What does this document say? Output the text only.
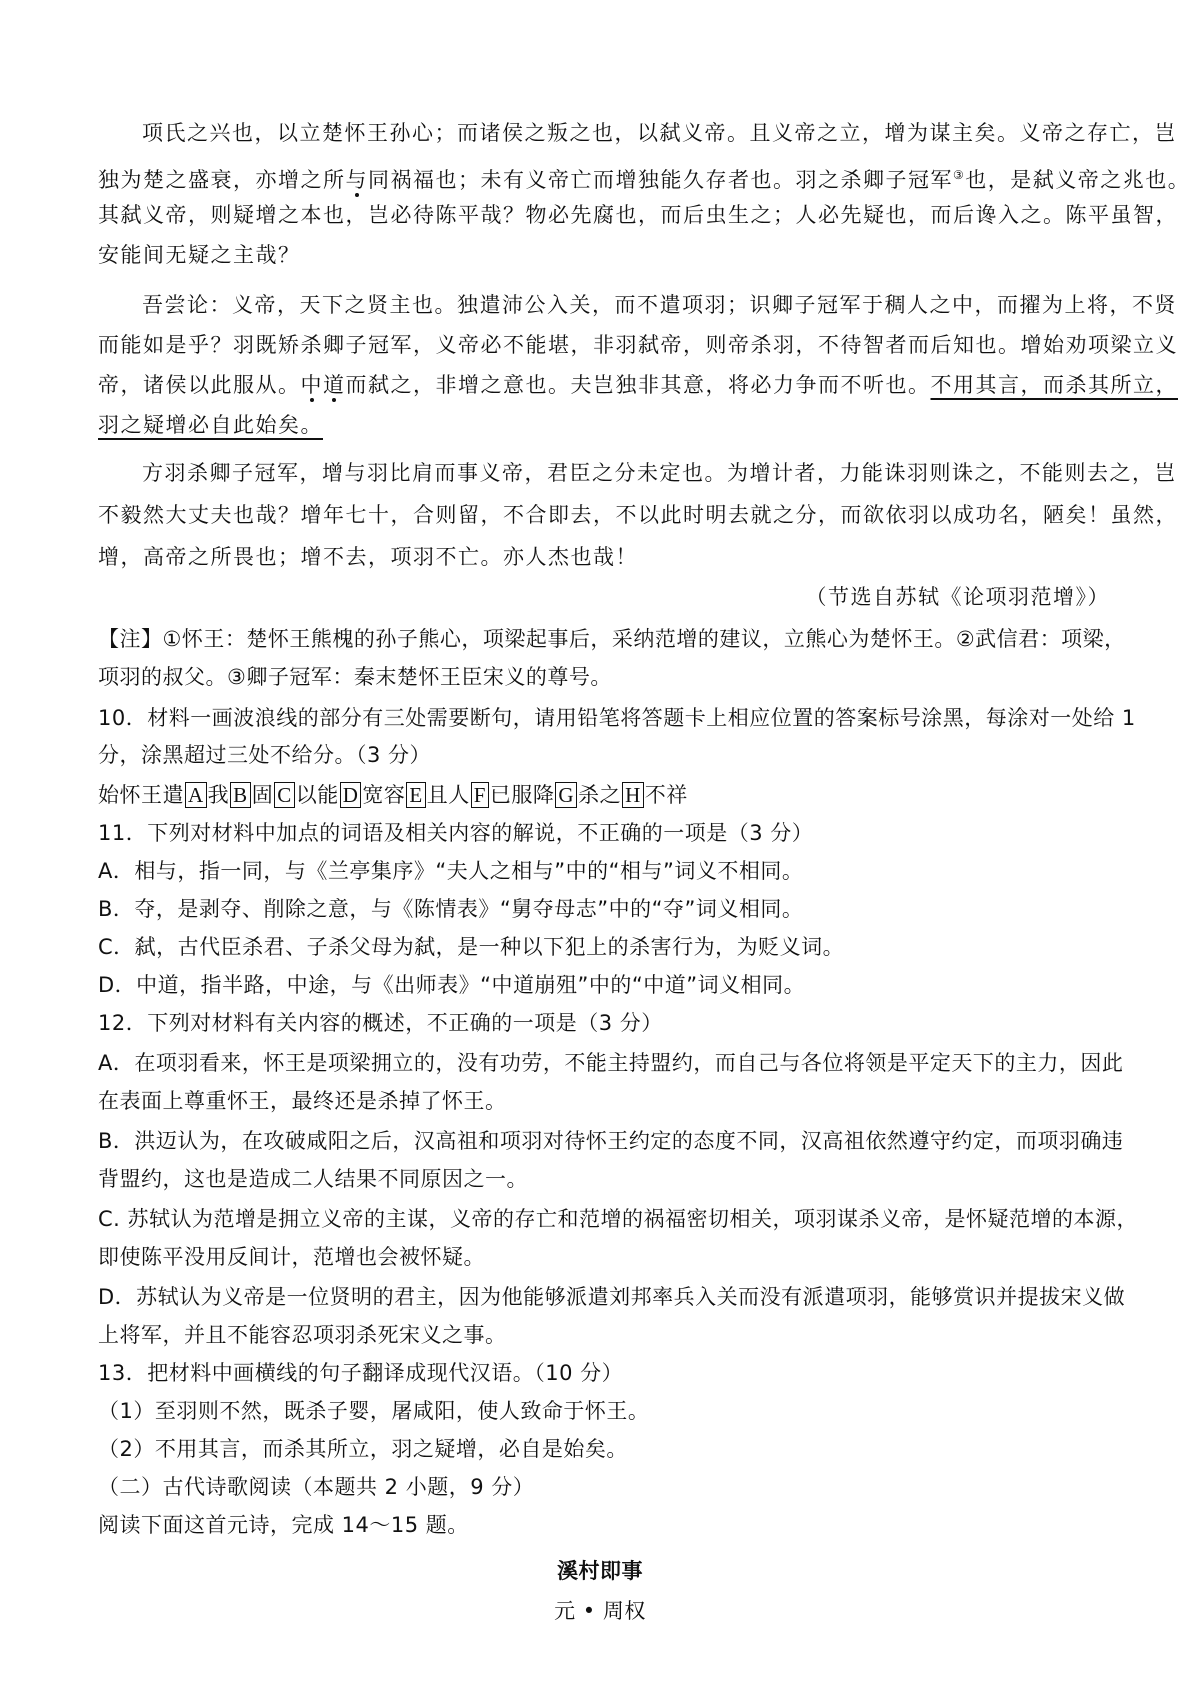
项氏之兴也，以立楚怀王孙心；而诸侯之叛之也，以弑义帝。且义帝之立，增为谋主矣。义帝之存亡，岂
独为楚之盛衰，亦增之所与同祸福也；未有义帝亡而增独能久存者也。羽之杀卿子冠军③也，是弑义帝之兆也。
其弑义帝，则疑增之本也，岂必待陈平哉？物必先腐也，而后虫生之；人必先疑也，而后谗入之。陈平虽智，
安能间无疑之主哉？
吾尝论：义帝，天下之贤主也。独遣沛公入关，而不遣项羽；识卿子冠军于稠人之中，而擢为上将，不贤
而能如是乎？羽既矫杀卿子冠军，义帝必不能堪，非羽弑帝，则帝杀羽，不待智者而后知也。增始劝项梁立义
帝，诸侯以此服从。中道而弑之，非增之意也。夫岂独非其意，将必力争而不听也。不用其言，而杀其所立，
羽之疑增必自此始矣。
方羽杀卿子冠军，增与羽比肩而事义帝，君臣之分未定也。为增计者，力能诛羽则诛之，不能则去之，岂
不毅然大丈夫也哉？增年七十，合则留，不合即去，不以此时明去就之分，而欲依羽以成功名，陋矣！虽然，
增，高帝之所畏也；增不去，项羽不亡。亦人杰也哉！
（节选自苏轼《论项羽范增》）
【注】①怀王：楚怀王熊槐的孙子熊心，项梁起事后，采纳范增的建议，立熊心为楚怀王。②武信君：项梁，
项羽的叔父。③卿子冠军：秦末楚怀王臣宋义的尊号。
10．材料一画波浪线的部分有三处需要断句，请用铅笔将答题卡上相应位置的答案标号涂黑，每涂对一处给 1
分，涂黑超过三处不给分。（3 分）
始怀王遣 A 我 B 固 C 以能 D 宽容 E 且人 F 已服降 G 杀之 H 不祥
11．下列对材料中加点的词语及相关内容的解说，不正确的一项是（3 分）
A．相与，指一同，与《兰亭集序》“夫人之相与”中的“相与”词义不相同。
B．夺，是剥夺、削除之意，与《陈情表》“舅夺母志”中的“夺”词义相同。
C．弑，古代臣杀君、子杀父母为弑，是一种以下犯上的杀害行为，为贬义词。
D．中道，指半路，中途，与《出师表》“中道崩殂”中的“中道”词义相同。
12．下列对材料有关内容的概述，不正确的一项是（3 分）
A．在项羽看来，怀王是项梁拥立的，没有功劳，不能主持盟约，而自己与各位将领是平定天下的主力，因此
在表面上尊重怀王，最终还是杀掉了怀王。
B．洪迈认为，在攻破咸阳之后，汉高祖和项羽对待怀王约定的态度不同，汉高祖依然遵守约定，而项羽确违
背盟约，这也是造成二人结果不同原因之一。
C. 苏轼认为范增是拥立义帝的主谋，义帝的存亡和范增的祸福密切相关，项羽谋杀义帝，是怀疑范增的本源，
即使陈平没用反间计，范增也会被怀疑。
D．苏轼认为义帝是一位贤明的君主，因为他能够派遣刘邦率兵入关而没有派遣项羽，能够赏识并提拔宋义做
上将军，并且不能容忍项羽杀死宋义之事。
13．把材料中画横线的句子翻译成现代汉语。（10 分）
（1）至羽则不然，既杀子婴，屠咸阳，使人致命于怀王。
（2）不用其言，而杀其所立，羽之疑增，必自是始矣。
（二）古代诗歌阅读（本题共 2 小题，9 分）
阅读下面这首元诗，完成 14～15 题。
溪村即事
元 • 周权
